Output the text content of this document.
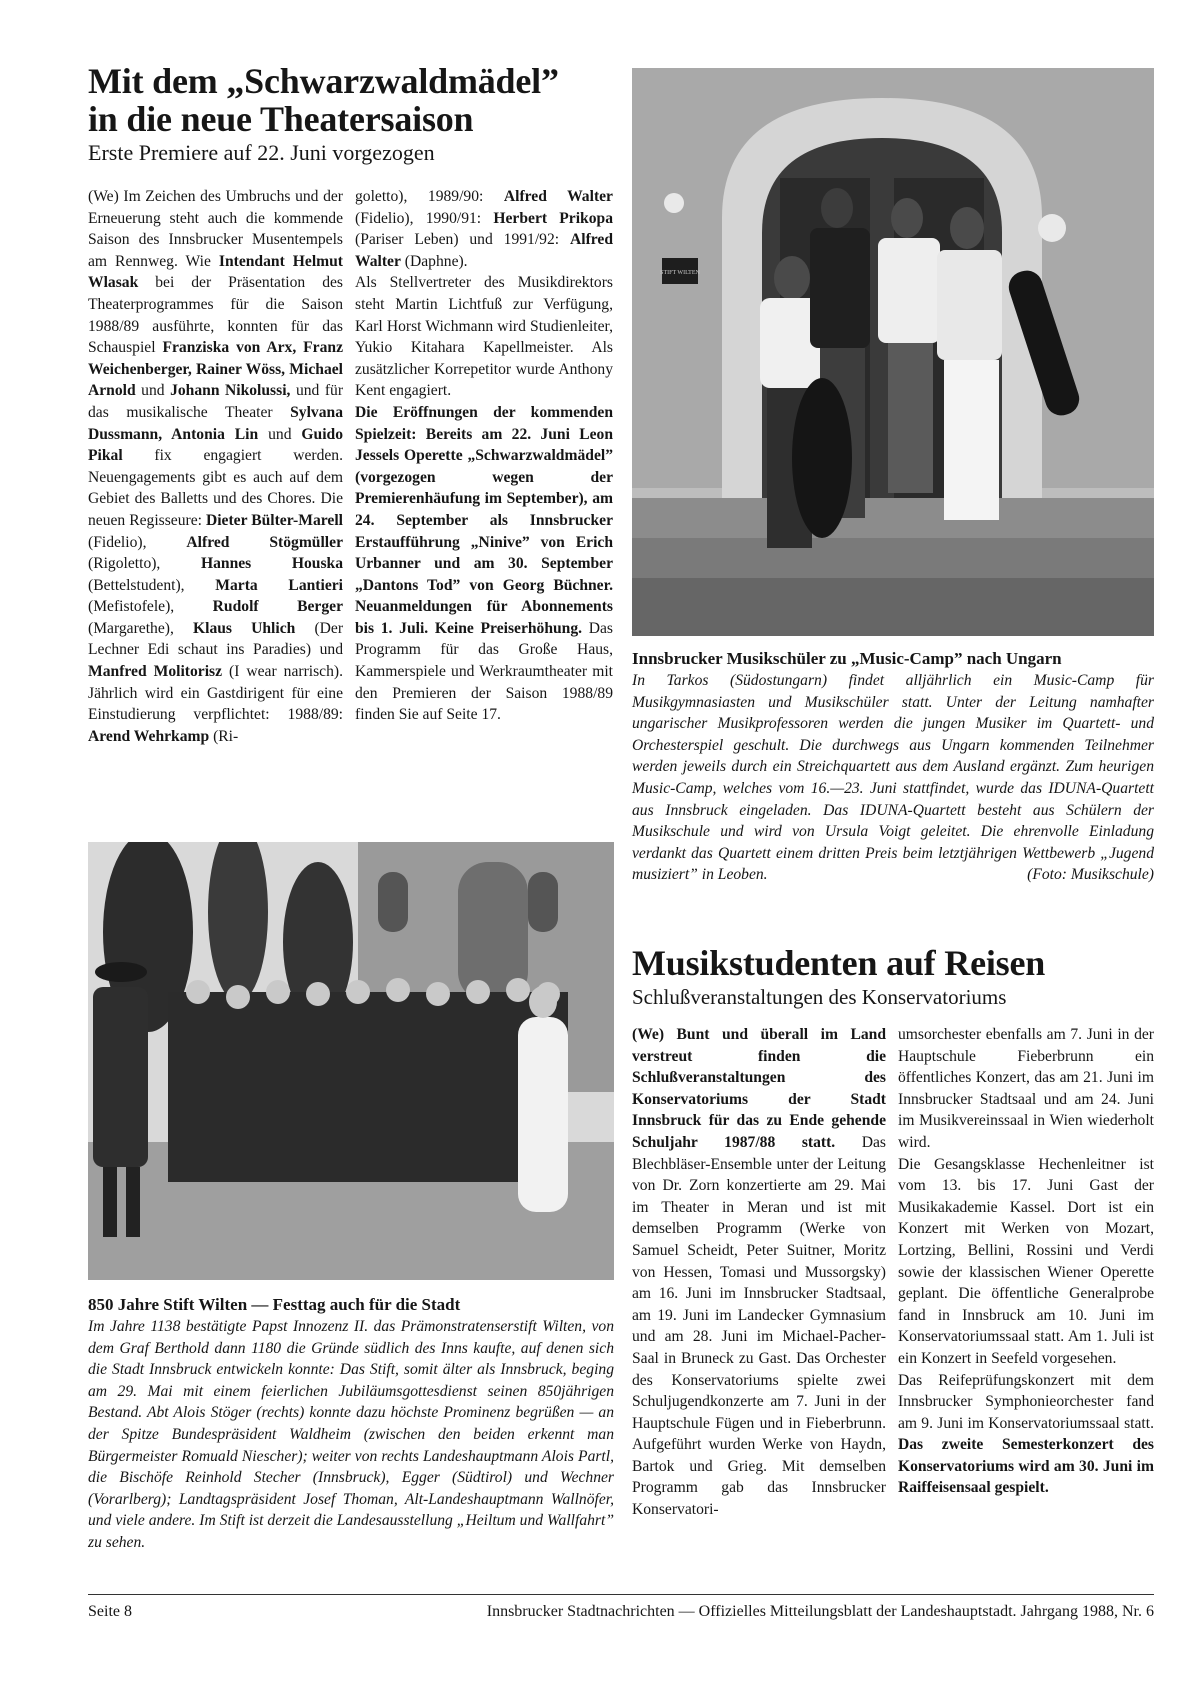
Mit dem „Schwarzwaldmädel”
in die neue Theatersaison

Erste Premiere auf 22. Juni vorgezogen

(We) Im Zeichen des Umbruchs und der Erneuerung steht auch die kommende Saison des Innsbrucker Musentempels am Rennweg. Wie Intendant Helmut Wlasak bei der Präsentation des Theaterprogrammes für die Saison 1988/89 ausführte, konnten für das Schauspiel Franziska von Arx, Franz Weichenberger, Rainer Wöss, Michael Arnold und Johann Nikolussi, und für das musikalische Theater Sylvana Dussmann, Antonia Lin und Guido Pikal fix engagiert werden. Neuengagements gibt es auch auf dem Gebiet des Balletts und des Chores. Die neuen Regisseure: Dieter Bülter-Marell (Fidelio), Alfred Stögmüller (Rigoletto), Hannes Houska (Bettelstudent), Marta Lantieri (Mefistofele), Rudolf Berger (Margarethe), Klaus Uhlich (Der Lechner Edi schaut ins Paradies) und Manfred Molitorisz (I wear narrisch). Jährlich wird ein Gastdirigent für eine Einstudierung verpflichtet: 1988/89: Arend Wehrkamp (Ri-

goletto), 1989/90: Alfred Walter (Fidelio), 1990/91: Herbert Prikopa (Pariser Leben) und 1991/92: Alfred Walter (Daphne).

Als Stellvertreter des Musikdirektors steht Martin Lichtfuß zur Verfügung, Karl Horst Wichmann wird Studienleiter, Yukio Kitahara Kapellmeister. Als zusätzlicher Korrepetitor wurde Anthony Kent engagiert.

Die Eröffnungen der kommenden Spielzeit: Bereits am 22. Juni Leon Jessels Operette „Schwarzwaldmädel” (vorgezogen wegen der Premierenhäufung im September), am 24. September als Innsbrucker Erstaufführung „Ninive” von Erich Urbanner und am 30. September „Dantons Tod” von Georg Büchner. Neuanmeldungen für Abonnements bis 1. Juli. Keine Preiserhöhung. Das Programm für das Große Haus, Kammerspiele und Werkraumtheater mit den Premieren der Saison 1988/89 finden Sie auf Seite 17.

STIFT WILTEN

Innsbrucker Musikschüler zu „Music-Camp” nach Ungarn

In Tarkos (Südostungarn) findet alljährlich ein Music-Camp für Musikgymnasiasten und Musikschüler statt. Unter der Leitung namhafter ungarischer Musikprofessoren werden die jungen Musiker im Quartett- und Orchesterspiel geschult. Die durchwegs aus Ungarn kommenden Teilnehmer werden jeweils durch ein Streichquartett aus dem Ausland ergänzt. Zum heurigen Music-Camp, welches vom 16.—23. Juni stattfindet, wurde das IDUNA-Quartett aus Innsbruck eingeladen. Das IDUNA-Quartett besteht aus Schülern der Musikschule und wird von Ursula Voigt geleitet. Die ehrenvolle Einladung verdankt das Quartett einem dritten Preis beim letztjährigen Wettbewerb „Jugend musiziert” in Leoben.	(Foto: Musikschule)

850 Jahre Stift Wilten — Festtag auch für die Stadt

Im Jahre 1138 bestätigte Papst Innozenz II. das Prämonstratenserstift Wilten, von dem Graf Berthold dann 1180 die Gründe südlich des Inns kaufte, auf denen sich die Stadt Innsbruck entwickeln konnte: Das Stift, somit älter als Innsbruck, beging am 29. Mai mit einem feierlichen Jubiläumsgottesdienst seinen 850jährigen Bestand. Abt Alois Stöger (rechts) konnte dazu höchste Prominenz begrüßen — an der Spitze Bundespräsident Waldheim (zwischen den beiden erkennt man Bürgermeister Romuald Niescher); weiter von rechts Landeshauptmann Alois Partl, die Bischöfe Reinhold Stecher (Innsbruck), Egger (Südtirol) und Wechner (Vorarlberg); Landtagspräsident Josef Thoman, Alt-Landeshauptmann Wallnöfer, und viele andere. Im Stift ist derzeit die Landesausstellung „Heiltum und Wallfahrt” zu sehen.

Musikstudenten auf Reisen

Schlußveranstaltungen des Konservatoriums

(We) Bunt und überall im Land verstreut finden die Schlußveranstaltungen des Konservatoriums der Stadt Innsbruck für das zu Ende gehende Schuljahr 1987/88 statt. Das Blechbläser-Ensemble unter der Leitung von Dr. Zorn konzertierte am 29. Mai im Theater in Meran und ist mit demselben Programm (Werke von Samuel Scheidt, Peter Suitner, Moritz von Hessen, Tomasi und Mussorgsky) am 16. Juni im Innsbrucker Stadtsaal, am 19. Juni im Landecker Gymnasium und am 28. Juni im Michael-Pacher-Saal in Bruneck zu Gast. Das Orchester des Konservatoriums spielte zwei Schuljugendkonzerte am 7. Juni in der Hauptschule Fügen und in Fieberbrunn. Aufgeführt wurden Werke von Haydn, Bartok und Grieg. Mit demselben Programm gab das Innsbrucker Konservatori-

umsorchester ebenfalls am 7. Juni in der Hauptschule Fieberbrunn ein öffentliches Konzert, das am 21. Juni im Innsbrucker Stadtsaal und am 24. Juni im Musikvereinssaal in Wien wiederholt wird.

Die Gesangsklasse Hechenleitner ist vom 13. bis 17. Juni Gast der Musikakademie Kassel. Dort ist ein Konzert mit Werken von Mozart, Lortzing, Bellini, Rossini und Verdi sowie der klassischen Wiener Operette geplant. Die öffentliche Generalprobe fand in Innsbruck am 10. Juni im Konservatoriumssaal statt. Am 1. Juli ist ein Konzert in Seefeld vorgesehen.

Das Reifeprüfungskonzert mit dem Innsbrucker Symphonieorchester fand am 9. Juni im Konservatoriumssaal statt. Das zweite Semesterkonzert des Konservatoriums wird am 30. Juni im Raiffeisensaal gespielt.

Seite 8	Innsbrucker Stadtnachrichten — Offizielles Mitteilungsblatt der Landeshauptstadt. Jahrgang 1988, Nr. 6
